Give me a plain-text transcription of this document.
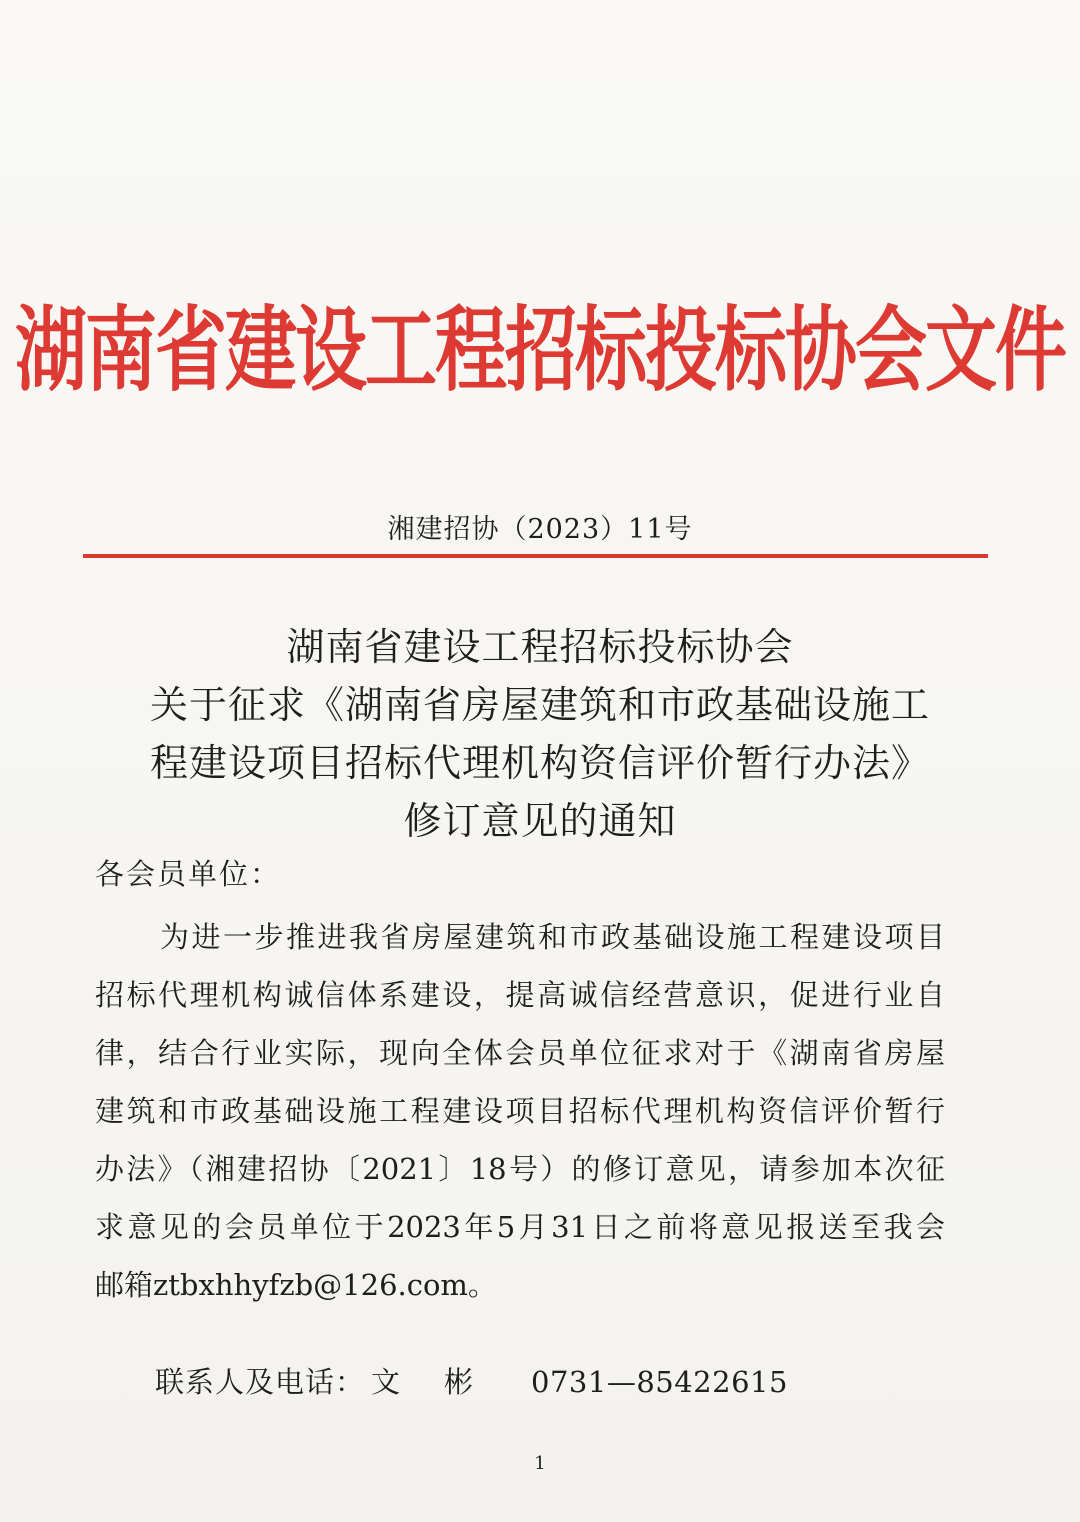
湖南省建设工程招标投标协会文件
湘建招协（2023）11号
湖南省建设工程招标投标协会
关于征求《湖南省房屋建筑和市政基础设施工
程建设项目招标代理机构资信评价暂行办法》
修订意见的通知
各会员单位：
为进一步推进我省房屋建筑和市政基础设施工程建设项目
招标代理机构诚信体系建设，提高诚信经营意识，促进行业自
律，结合行业实际，现向全体会员单位征求对于《湖南省房屋
建筑和市政基础设施工程建设项目招标代理机构资信评价暂行
办法》（湘建招协〔2021〕18号）的修订意见，请参加本次征
求意见的会员单位于2023年5月31日之前将意见报送至我会
邮箱ztbxhhyfzb@126.com。
联系人及电话： 文彬 0731—85422615
1
